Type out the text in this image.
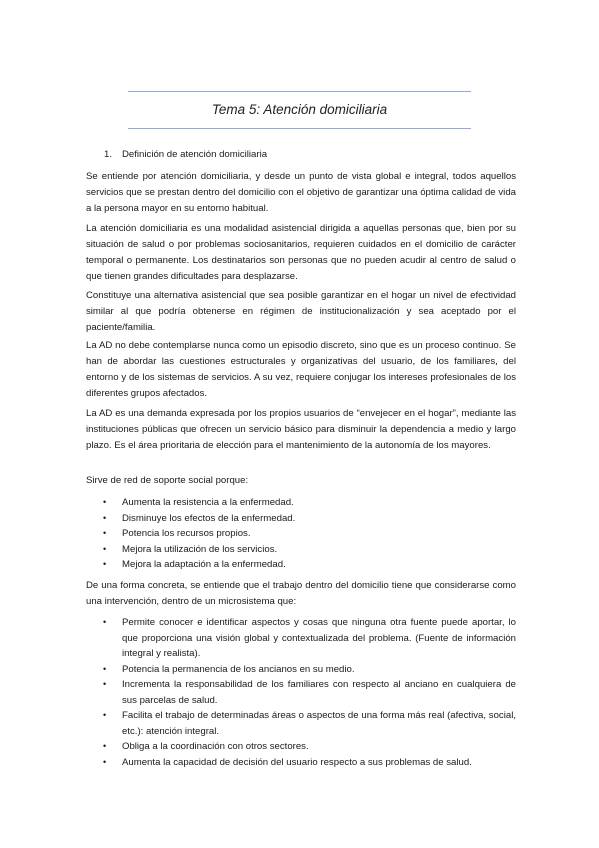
Tema 5: Atención domiciliaria
1. Definición de atención domiciliaria

Se entiende por atención domiciliaria, y desde un punto de vista global e integral, todos aquellos servicios que se prestan dentro del domicilio con el objetivo de garantizar una óptima calidad de vida a la persona mayor en su entorno habitual.

La atención domiciliaria es una modalidad asistencial dirigida a aquellas personas que, bien por su situación de salud o por problemas sociosanitarios, requieren cuidados en el domicilio de carácter temporal o permanente. Los destinatarios son personas que no pueden acudir al centro de salud o que tienen grandes dificultades para desplazarse.

Constituye una alternativa asistencial que sea posible garantizar en el hogar un nivel de efectividad similar al que podría obtenerse en régimen de institucionalización y sea aceptado por el paciente/familia.

La AD no debe contemplarse nunca como un episodio discreto, sino que es un proceso continuo. Se han de abordar las cuestiones estructurales y organizativas del usuario, de los familiares, del entorno y de los sistemas de servicios. A su vez, requiere conjugar los intereses profesionales de los diferentes grupos afectados.

La AD es una demanda expresada por los propios usuarios de “envejecer en el hogar”, mediante las instituciones públicas que ofrecen un servicio básico para disminuir la dependencia a medio y largo plazo. Es el área prioritaria de elección para el mantenimiento de la autonomía de los mayores.

Sirve de red de soporte social porque:

• Aumenta la resistencia a la enfermedad.
• Disminuye los efectos de la enfermedad.
• Potencia los recursos propios.
• Mejora la utilización de los servicios.
• Mejora la adaptación a la enfermedad.

De una forma concreta, se entiende que el trabajo dentro del domicilio tiene que considerarse como una intervención, dentro de un microsistema que:

• Permite conocer e identificar aspectos y cosas que ninguna otra fuente puede aportar, lo que proporciona una visión global y contextualizada del problema. (Fuente de información integral y realista).
• Potencia la permanencia de los ancianos en su medio.
• Incrementa la responsabilidad de los familiares con respecto al anciano en cualquiera de sus parcelas de salud.
• Facilita el trabajo de determinadas áreas o aspectos de una forma más real (afectiva, social, etc.): atención integral.
• Obliga a la coordinación con otros sectores.
• Aumenta la capacidad de decisión del usuario respecto a sus problemas de salud.
